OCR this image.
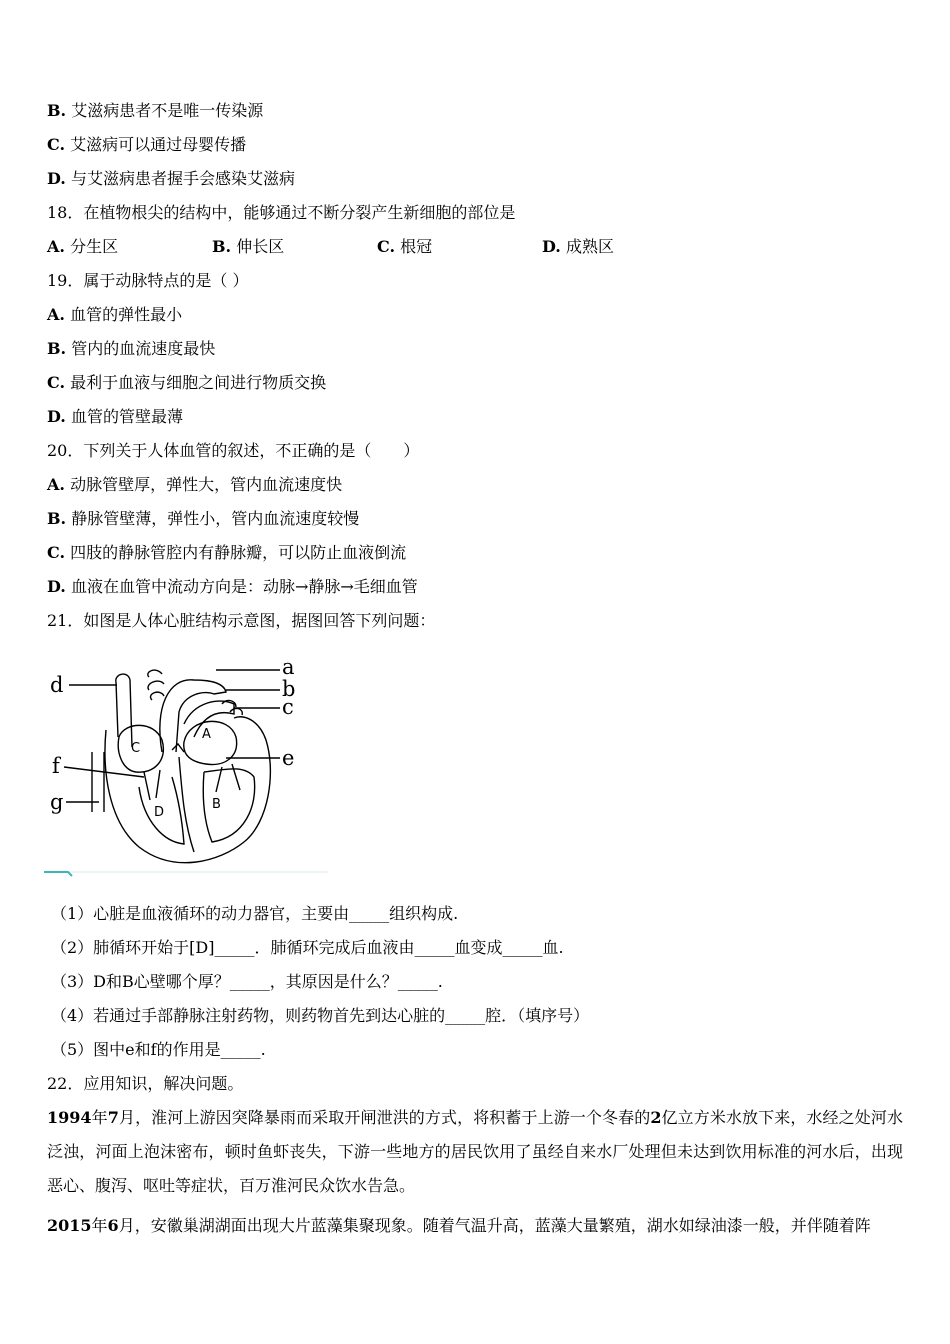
B. 艾滋病患者不是唯一传染源
C. 艾滋病可以通过母婴传播
D. 与艾滋病患者握手会感染艾滋病
18．在植物根尖的结构中，能够通过不断分裂产生新细胞的部位是
A. 分生区	B. 伸长区	C. 根冠	D. 成熟区
19．属于动脉特点的是（ ）
A. 血管的弹性最小
B. 管内的血流速度最快
C. 最利于血液与细胞之间进行物质交换
D. 血管的管壁最薄
20．下列关于人体血管的叙述，不正确的是（　　）
A. 动脉管壁厚，弹性大，管内血流速度快
B. 静脉管壁薄，弹性小，管内血流速度较慢
C. 四肢的静脉管腔内有静脉瓣，可以防止血液倒流
D. 血液在血管中流动方向是：动脉→静脉→毛细血管
21．如图是人体心脏结构示意图，据图回答下列问题：
d
a
b
c
e
f
g
C
A
D
B
（1）心脏是血液循环的动力器官，主要由_____组织构成.
（2）肺循环开始于[D]_____．肺循环完成后血液由_____血变成_____血.
（3）D和B心壁哪个厚？_____，其原因是什么？_____.
（4）若通过手部静脉注射药物，则药物首先到达心脏的_____腔．（填序号）
（5）图中e和f的作用是_____.
22．应用知识，解决问题。
1994年7月，淮河上游因突降暴雨而采取开闸泄洪的方式，将积蓄于上游一个冬春的2亿立方米水放下来，水经之处河水泛浊，河面上泡沫密布，顿时鱼虾丧失，下游一些地方的居民饮用了虽经自来水厂处理但未达到饮用标准的河水后，出现恶心、腹泻、呕吐等症状，百万淮河民众饮水告急。
2015年6月，安徽巢湖湖面出现大片蓝藻集聚现象。随着气温升高，蓝藻大量繁殖，湖水如绿油漆一般，并伴随着阵
